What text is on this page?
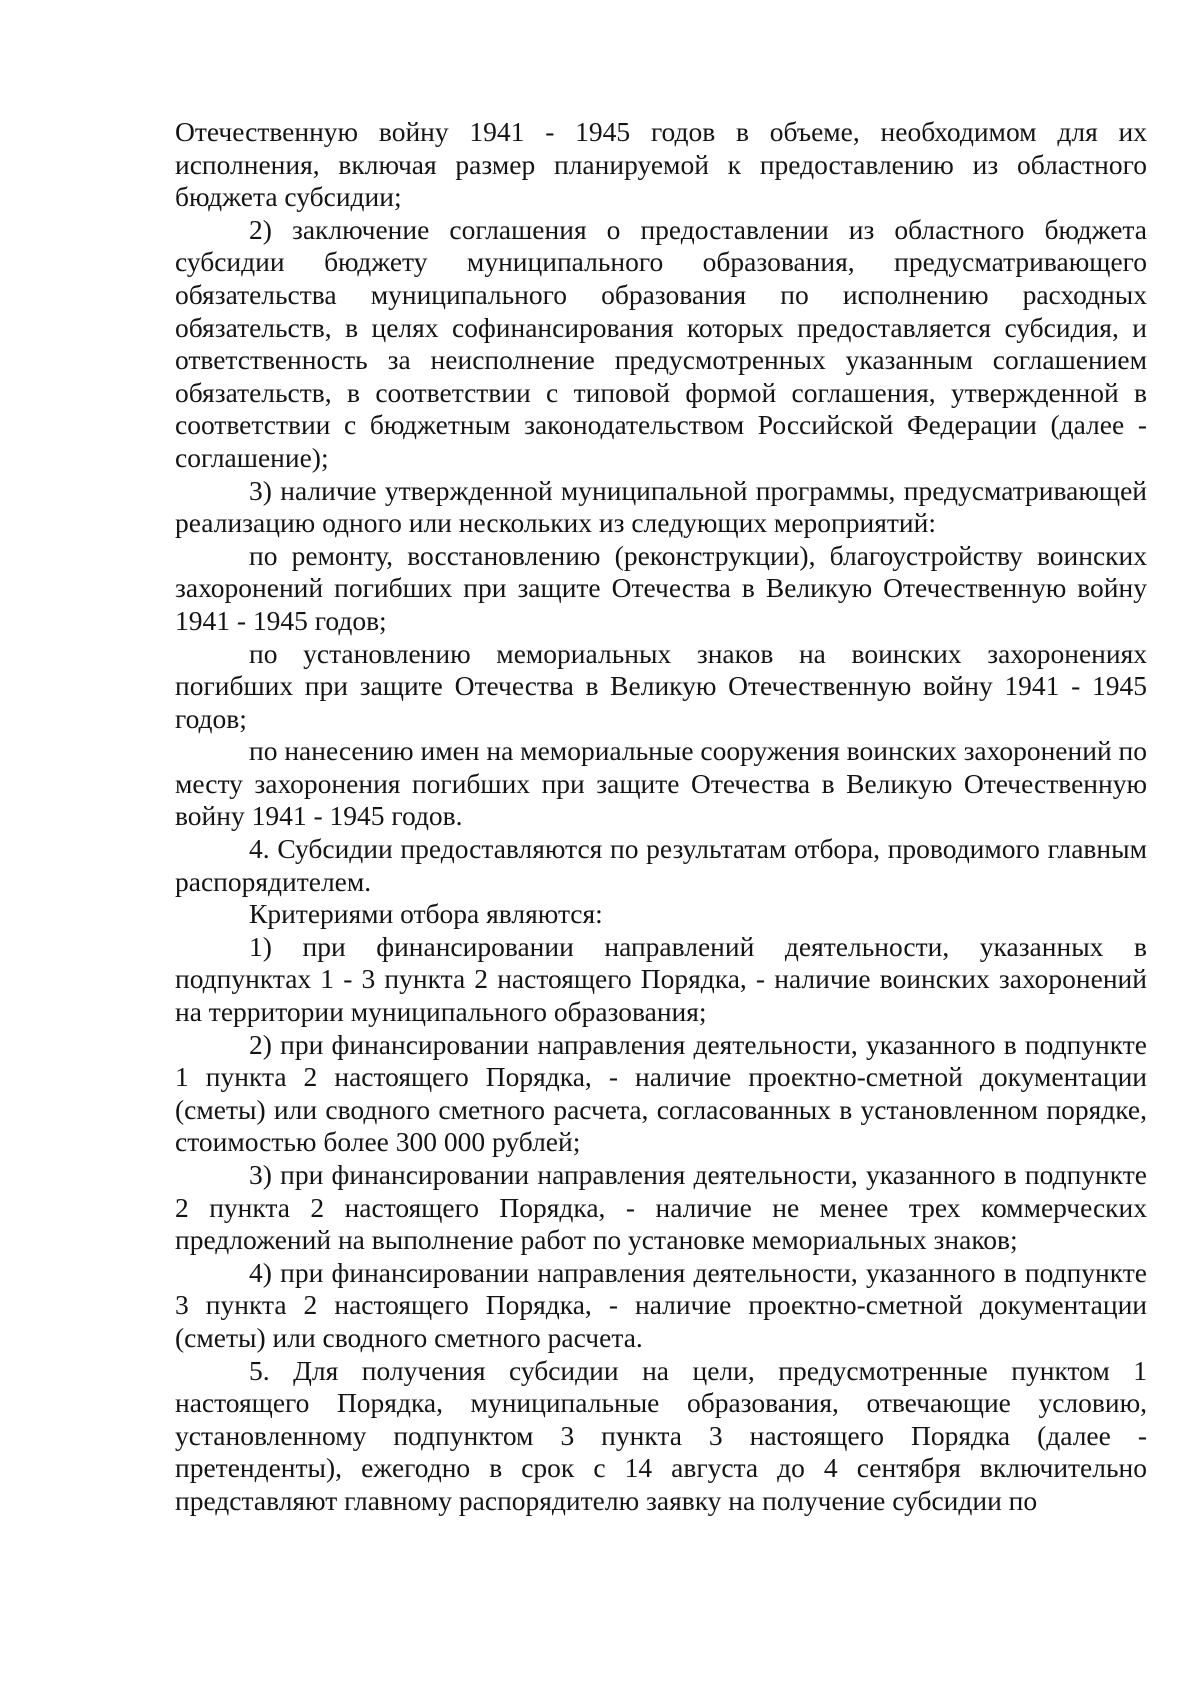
Отечественную войну 1941 - 1945 годов в объеме, необходимом для их исполнения, включая размер планируемой к предоставлению из областного бюджета субсидии;

2) заключение соглашения о предоставлении из областного бюджета субсидии бюджету муниципального образования, предусматривающего обязательства муниципального образования по исполнению расходных обязательств, в целях софинансирования которых предоставляется субсидия, и ответственность за неисполнение предусмотренных указанным соглашением обязательств, в соответствии с типовой формой соглашения, утвержденной в соответствии с бюджетным законодательством Российской Федерации (далее - соглашение);

3) наличие утвержденной муниципальной программы, предусматривающей реализацию одного или нескольких из следующих мероприятий:

по ремонту, восстановлению (реконструкции), благоустройству воинских захоронений погибших при защите Отечества в Великую Отечественную войну 1941 - 1945 годов;

по установлению мемориальных знаков на воинских захоронениях погибших при защите Отечества в Великую Отечественную войну 1941 - 1945 годов;

по нанесению имен на мемориальные сооружения воинских захоронений по месту захоронения погибших при защите Отечества в Великую Отечественную войну 1941 - 1945 годов.

4. Субсидии предоставляются по результатам отбора, проводимого главным распорядителем.

Критериями отбора являются:

1) при финансировании направлений деятельности, указанных в подпунктах 1 - 3 пункта 2 настоящего Порядка, - наличие воинских захоронений на территории муниципального образования;

2) при финансировании направления деятельности, указанного в подпункте 1 пункта 2 настоящего Порядка, - наличие проектно-сметной документации (сметы) или сводного сметного расчета, согласованных в установленном порядке, стоимостью более 300 000 рублей;

3) при финансировании направления деятельности, указанного в подпункте 2 пункта 2 настоящего Порядка, - наличие не менее трех коммерческих предложений на выполнение работ по установке мемориальных знаков;

4) при финансировании направления деятельности, указанного в подпункте 3 пункта 2 настоящего Порядка, - наличие проектно-сметной документации (сметы) или сводного сметного расчета.

5. Для получения субсидии на цели, предусмотренные пунктом 1 настоящего Порядка, муниципальные образования, отвечающие условию, установленному подпунктом 3 пункта 3 настоящего Порядка (далее - претенденты), ежегодно в срок с 14 августа до 4 сентября включительно представляют главному распорядителю заявку на получение субсидии по
